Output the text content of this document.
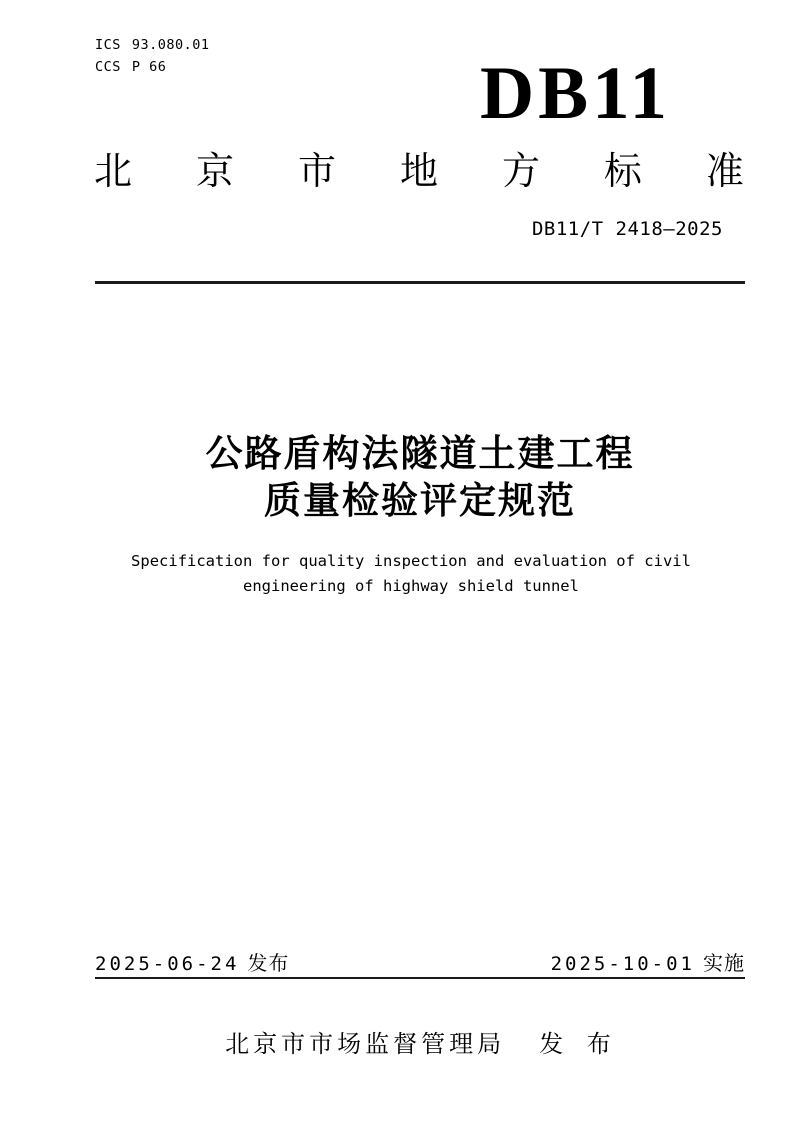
ICS 93.080.01
CCS P 66	DB11
北 京 市 地 方 标 准
DB11/T 2418—2025
公路盾构法隧道土建工程
质量检验评定规范
Specification for quality inspection and evaluation of civil
engineering of highway shield tunnel
2025-06-24 发布	2025-10-01 实施
北京市市场监督管理局 发 布
